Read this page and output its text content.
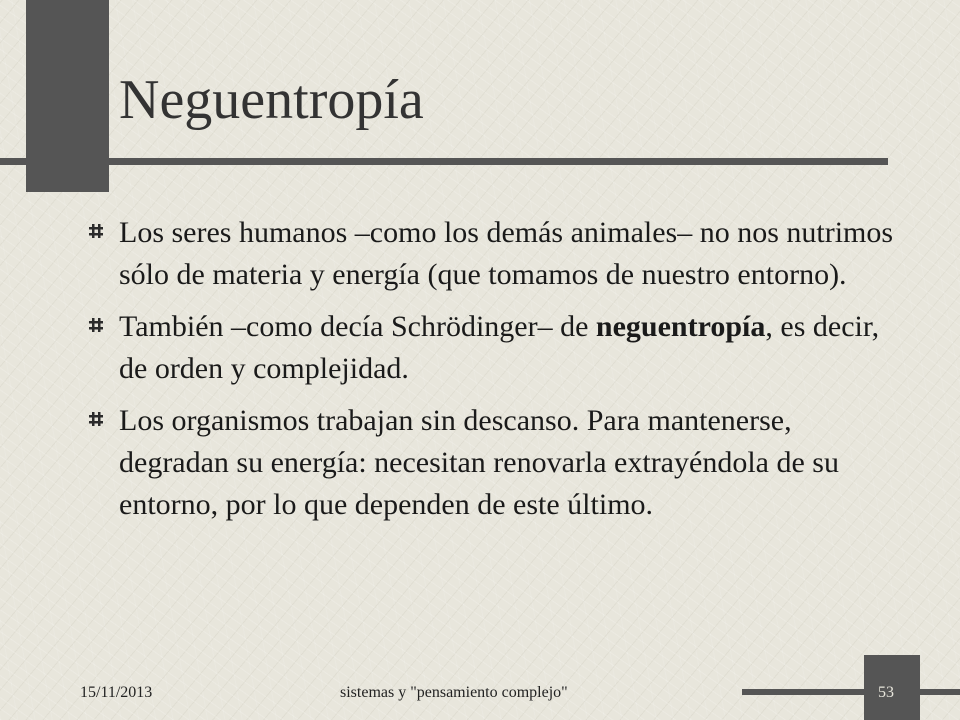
Neguentropía
Los seres humanos –como los demás animales– no nos nutrimos sólo de materia y energía (que tomamos de nuestro entorno).
También –como decía Schrödinger– de neguentropía, es decir, de orden y complejidad.
Los organismos trabajan sin descanso. Para mantenerse, degradan su energía: necesitan renovarla extrayéndola de su entorno, por lo que dependen de este último.
15/11/2013	sistemas y "pensamiento complejo"	53
